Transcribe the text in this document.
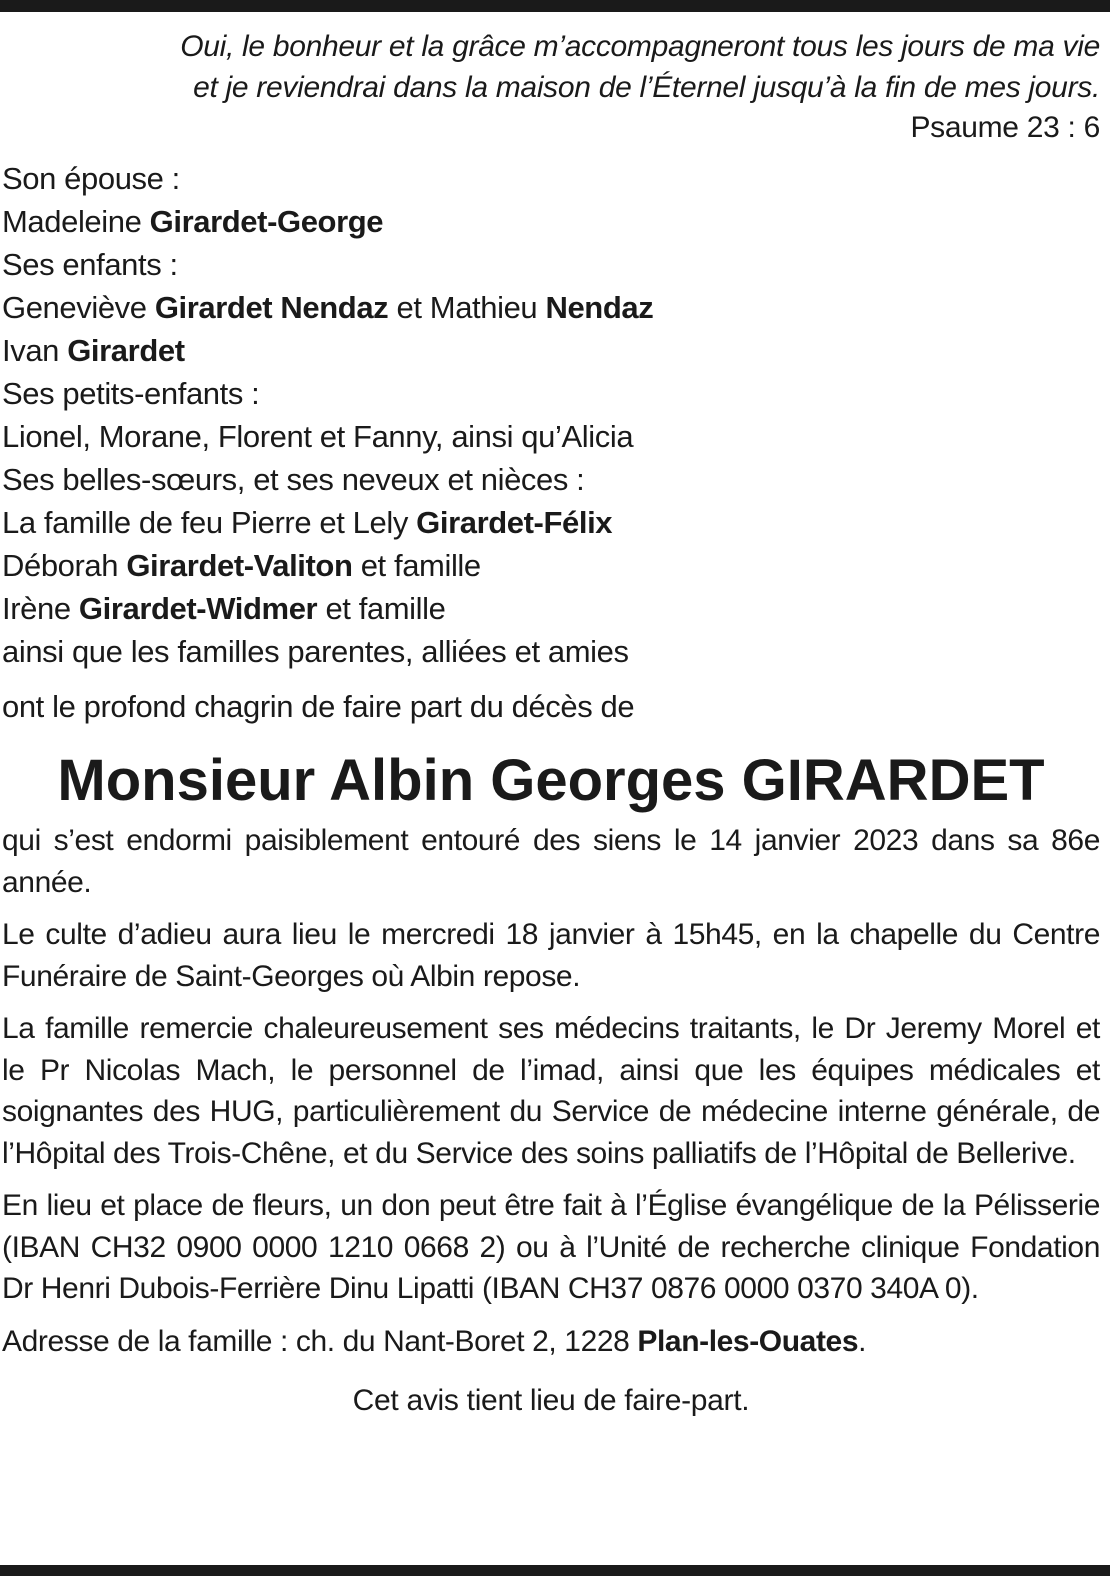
Oui, le bonheur et la grâce m’accompagneront tous les jours de ma vie
et je reviendrai dans la maison de l’Éternel jusqu’à la fin de mes jours.
Psaume 23 : 6
Son épouse :
Madeleine Girardet-George
Ses enfants :
Geneviève Girardet Nendaz et Mathieu Nendaz
Ivan Girardet
Ses petits-enfants :
Lionel, Morane, Florent et Fanny, ainsi qu’Alicia
Ses belles-sœurs, et ses neveux et nièces :
La famille de feu Pierre et Lely Girardet-Félix
Déborah Girardet-Valiton et famille
Irène Girardet-Widmer et famille
ainsi que les familles parentes, alliées et amies
ont le profond chagrin de faire part du décès de
Monsieur Albin Georges GIRARDET
qui s’est endormi paisiblement entouré des siens le 14 janvier 2023 dans sa 86e année.
Le culte d’adieu aura lieu le mercredi 18 janvier à 15h45, en la chapelle du Centre Funéraire de Saint-Georges où Albin repose.
La famille remercie chaleureusement ses médecins traitants, le Dr Jeremy Morel et le Pr Nicolas Mach, le personnel de l’imad, ainsi que les équipes médicales et soignantes des HUG, particulièrement du Service de médecine interne générale, de l’Hôpital des Trois-Chêne, et du Service des soins palliatifs de l’Hôpital de Bellerive.
En lieu et place de fleurs, un don peut être fait à l’Église évangélique de la Pélisserie (IBAN CH32 0900 0000 1210 0668 2) ou à l’Unité de recherche clinique Fondation Dr Henri Dubois-Ferrière Dinu Lipatti (IBAN CH37 0876 0000 0370 340A 0).
Adresse de la famille : ch. du Nant-Boret 2, 1228 Plan-les-Ouates.
Cet avis tient lieu de faire-part.
